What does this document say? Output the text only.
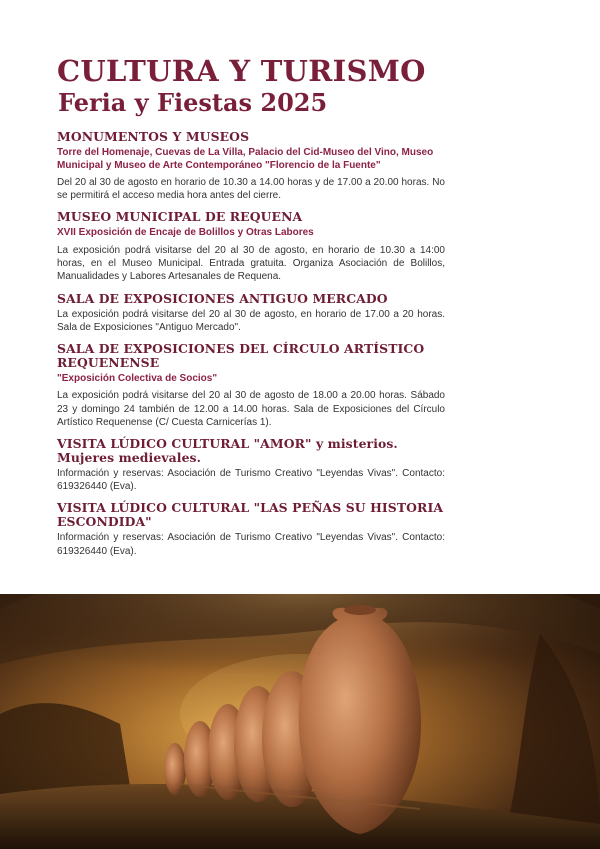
CULTURA Y TURISMO
Feria y Fiestas 2025
MONUMENTOS Y MUSEOS

Torre del Homenaje, Cuevas de La Villa, Palacio del Cid-Museo del Vino, Museo Municipal y Museo de Arte Contemporáneo "Florencio de la Fuente"

Del 20 al 30 de agosto en horario de 10.30 a 14.00 horas y de 17.00 a 20.00 horas. No se permitirá el acceso media hora antes del cierre.

MUSEO MUNICIPAL DE REQUENA

XVII Exposición de Encaje de Bolillos y Otras Labores

La exposición podrá visitarse del 20 al 30 de agosto, en horario de 10.30 a 14:00 horas, en el Museo Municipal. Entrada gratuita. Organiza Asociación de Bolillos, Manualidades y Labores Artesanales de Requena.

SALA DE EXPOSICIONES ANTIGUO MERCADO

La exposición podrá visitarse del 20 al 30 de agosto, en horario de 17.00 a 20 horas. Sala de Exposiciones "Antiguo Mercado".

SALA DE EXPOSICIONES DEL CÍRCULO ARTÍSTICO REQUENENSE

"Exposición Colectiva de Socios"

La exposición podrá visitarse del 20 al 30 de agosto de 18.00 a 20.00 horas. Sábado 23 y domingo 24 también de 12.00 a 14.00 horas. Sala de Exposiciones del Círculo Artístico Requenense (C/ Cuesta Carnicerías 1).

VISITA LÚDICO CULTURAL "AMOR" y misterios. Mujeres medievales.

Información y reservas: Asociación de Turismo Creativo "Leyendas Vivas". Contacto: 619326440 (Eva).

VISITA LÚDICO CULTURAL "LAS PEÑAS SU HISTORIA ESCONDIDA"

Información y reservas: Asociación de Turismo Creativo "Leyendas Vivas". Contacto: 619326440 (Eva).
